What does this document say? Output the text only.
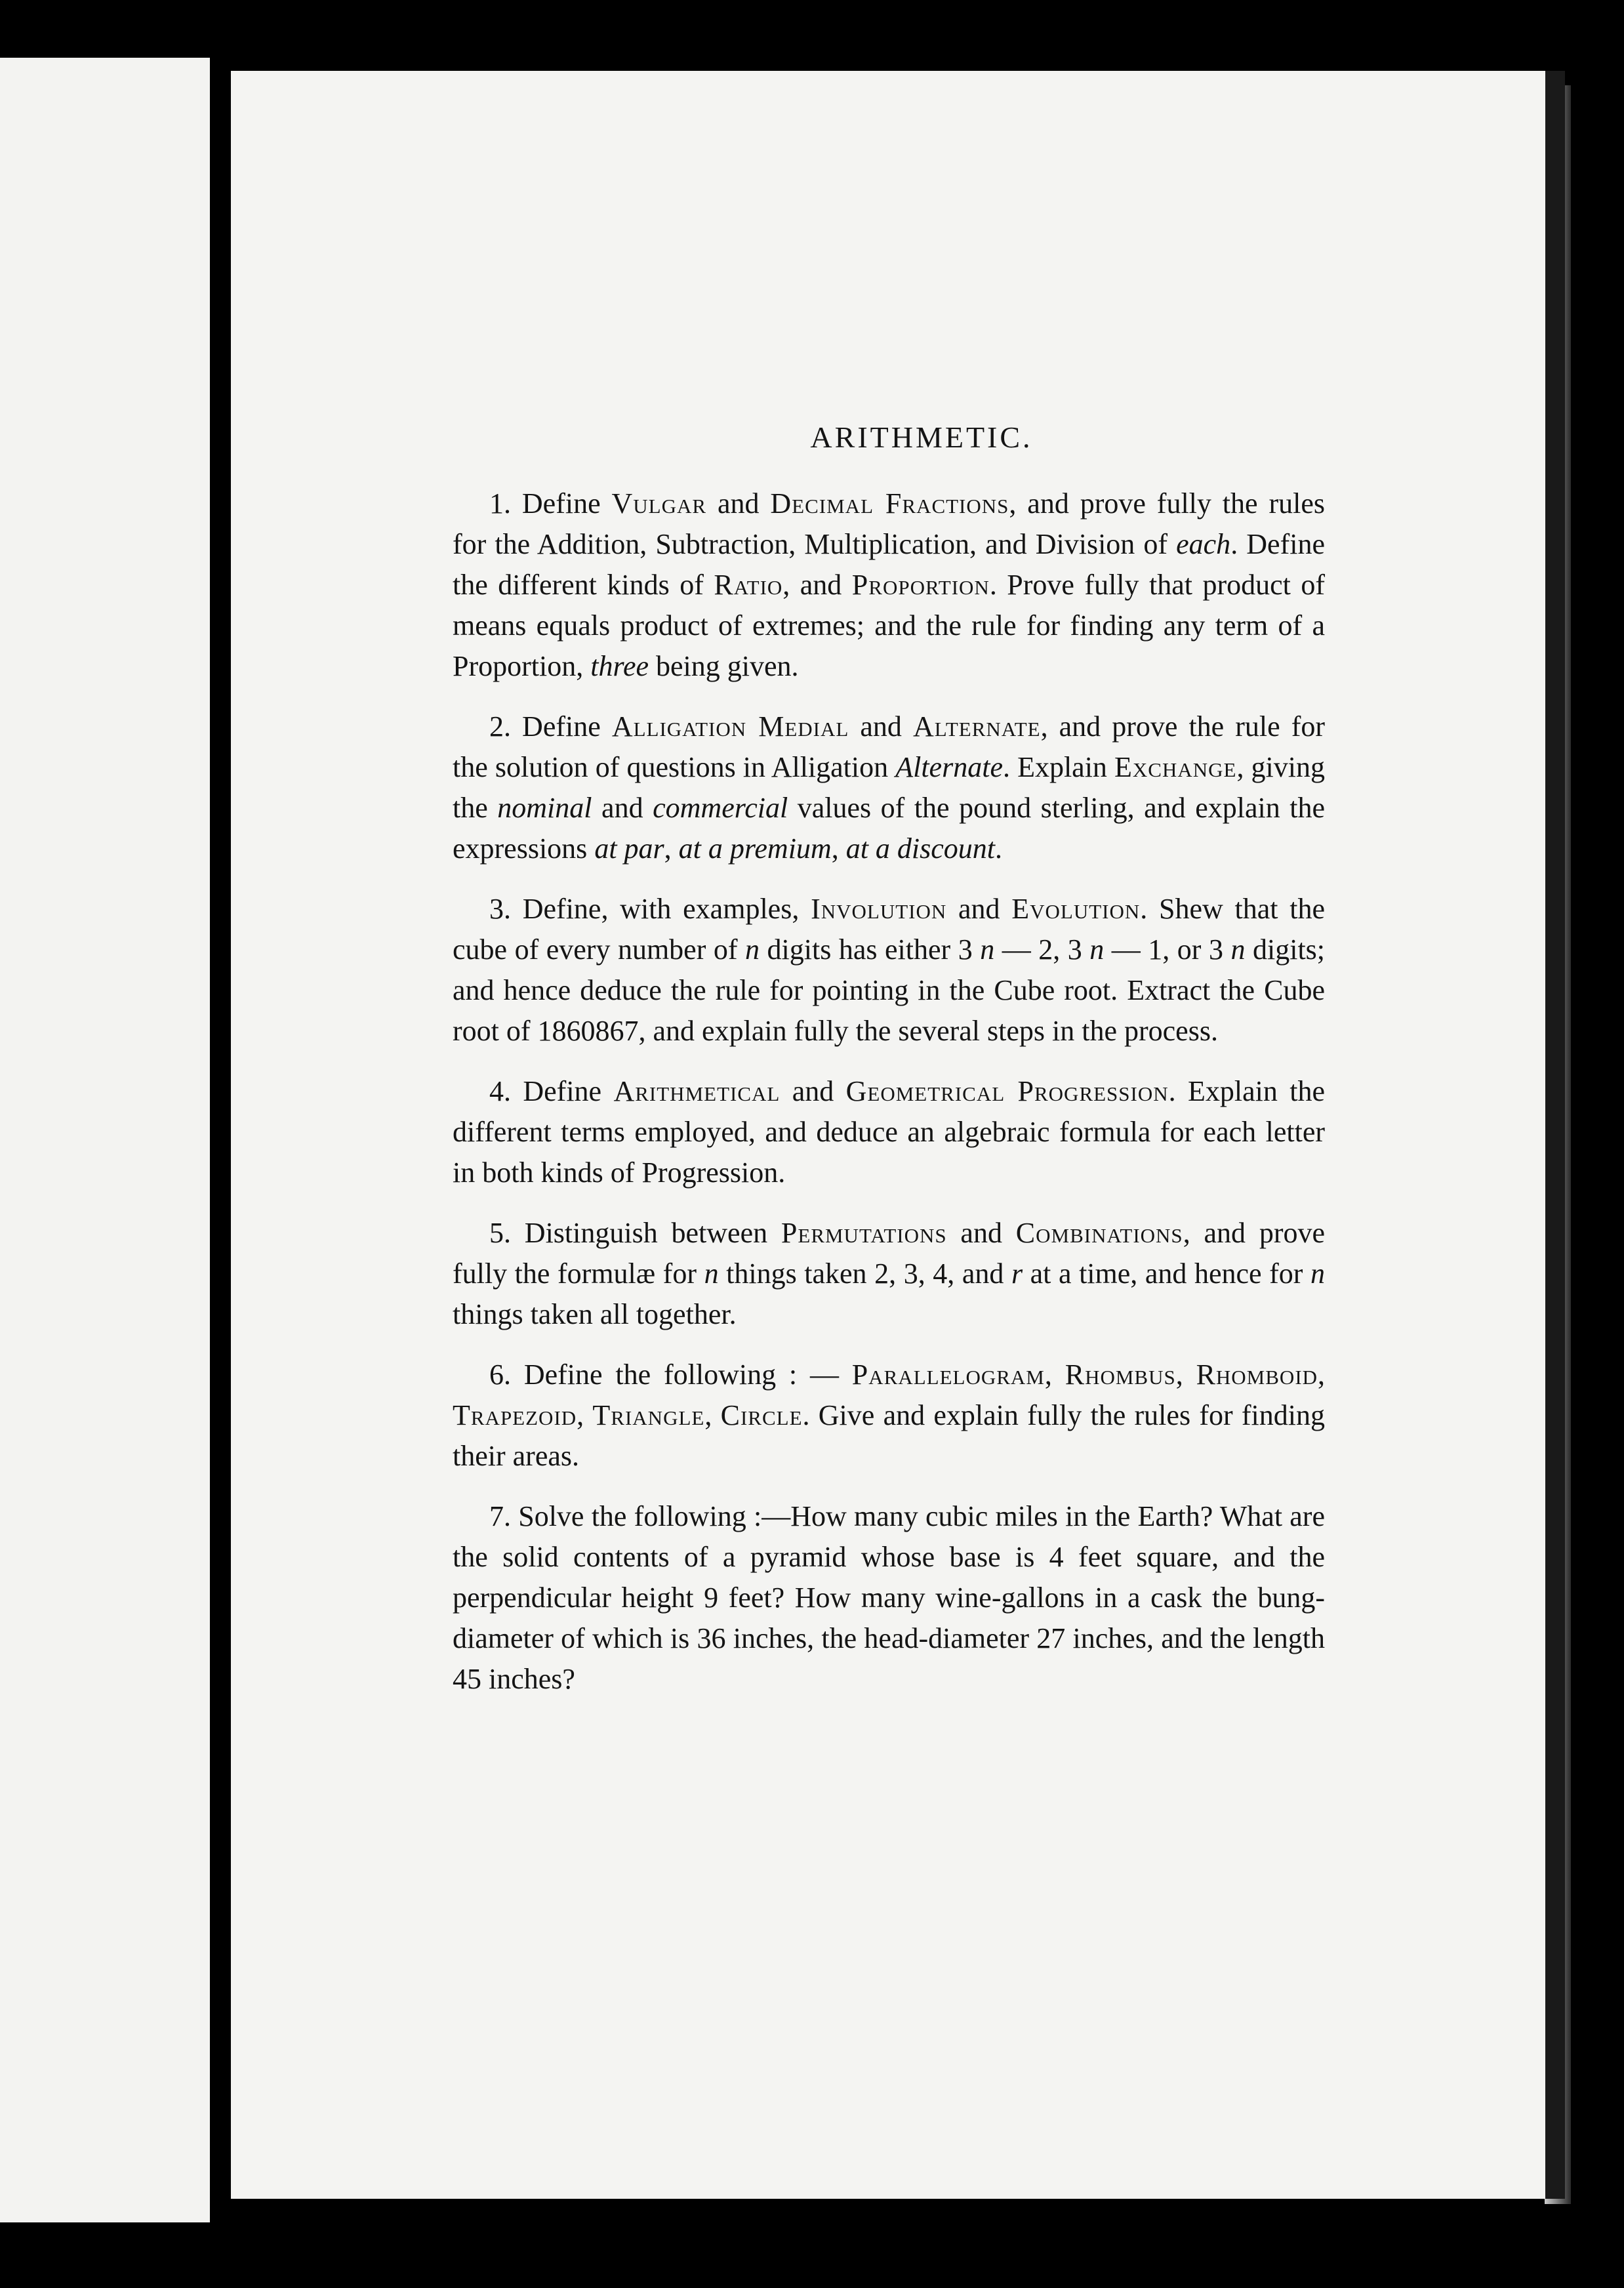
ARITHMETIC.

1. Define Vulgar and Decimal Fractions, and prove fully the rules for the Addition, Subtraction, Multiplication, and Division of each. Define the different kinds of Ratio, and Proportion. Prove fully that product of means equals product of extremes; and the rule for finding any term of a Proportion, three being given.

2. Define Alligation Medial and Alternate, and prove the rule for the solution of questions in Alligation Alternate. Explain Exchange, giving the nominal and commercial values of the pound sterling, and explain the expressions at par, at a premium, at a discount.

3. Define, with examples, Involution and Evolution. Shew that the cube of every number of n digits has either 3 n — 2, 3 n — 1, or 3 n digits; and hence deduce the rule for pointing in the Cube root. Extract the Cube root of 1860867, and explain fully the several steps in the process.

4. Define Arithmetical and Geometrical Progression. Explain the different terms employed, and deduce an algebraic formula for each letter in both kinds of Progression.

5. Distinguish between Permutations and Combinations, and prove fully the formulæ for n things taken 2, 3, 4, and r at a time, and hence for n things taken all together.

6. Define the following : — Parallelogram, Rhombus, Rhomboid, Trapezoid, Triangle, Circle. Give and explain fully the rules for finding their areas.

7. Solve the following :—How many cubic miles in the Earth? What are the solid contents of a pyramid whose base is 4 feet square, and the perpendicular height 9 feet? How many wine-gallons in a cask the bung-diameter of which is 36 inches, the head-diameter 27 inches, and the length 45 inches?
